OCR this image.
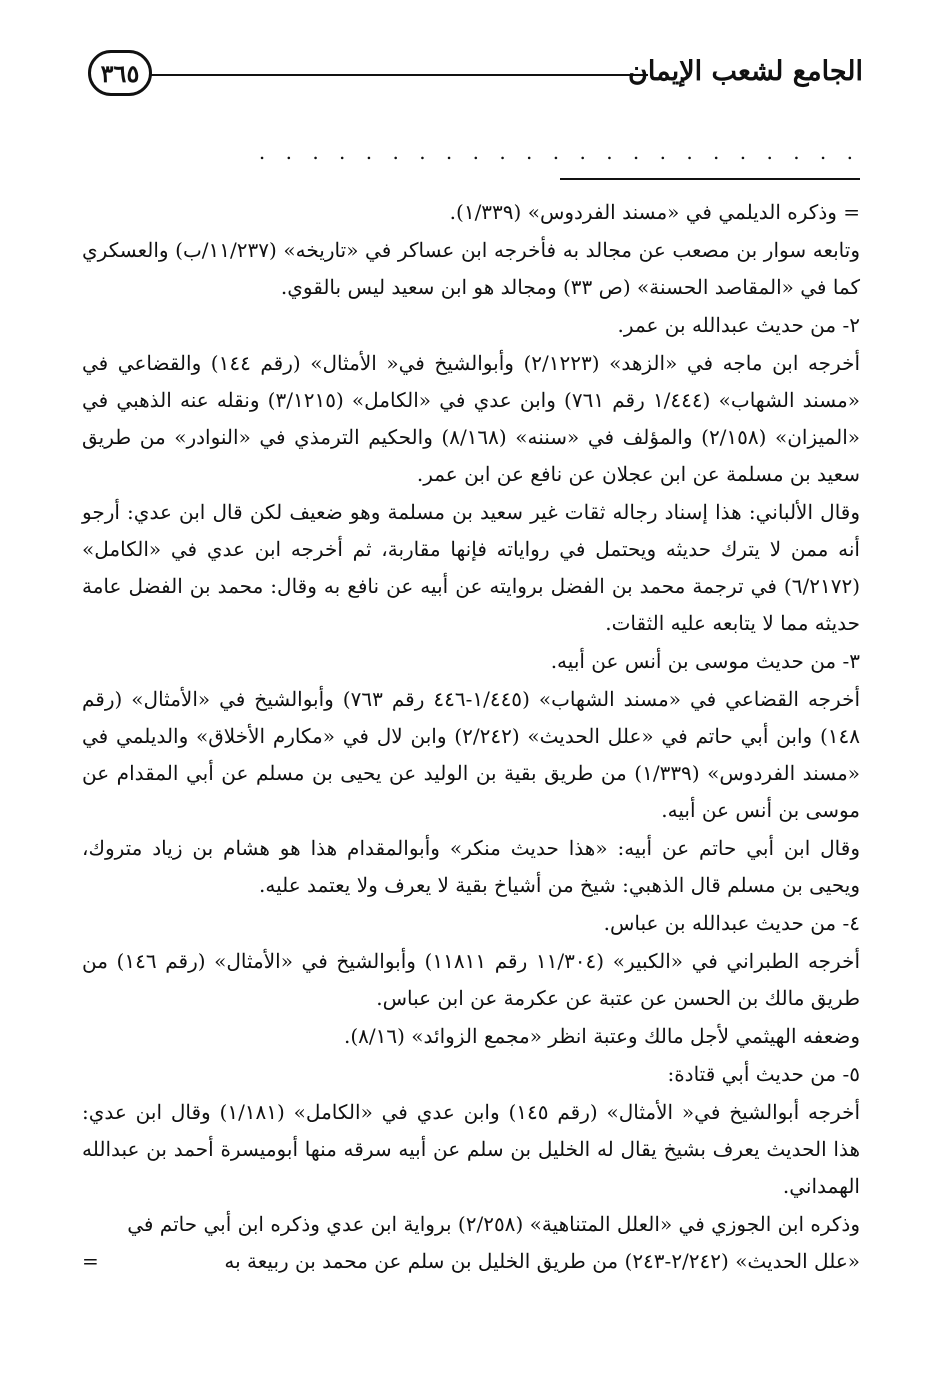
الجامع لشعب الإيمان
٣٦٥
. . . . . . . . . . . . . . . . . . . . . . .

= وذكره الديلمي في «مسند الفردوس» (١/٣٣٩).

وتابعه سوار بن مصعب عن مجالد به فأخرجه ابن عساكر في «تاريخه» (١١/٢٣٧/ب) والعسكري كما في «المقاصد الحسنة» (ص ٣٣) ومجالد هو ابن سعيد ليس بالقوي.

٢- من حديث عبدالله بن عمر.

أخرجه ابن ماجه في «الزهد» (٢/١٢٢٣) وأبوالشيخ في« الأمثال» (رقم ١٤٤) والقضاعي في «مسند الشهاب» (١/٤٤٤ رقم ٧٦١) وابن عدي في «الكامل» (٣/١٢١٥) ونقله عنه الذهبي في «الميزان» (٢/١٥٨) والمؤلف في «سننه» (٨/١٦٨) والحكيم الترمذي في «النوادر» من طريق سعيد بن مسلمة عن ابن عجلان عن نافع عن ابن عمر.

وقال الألباني: هذا إسناد رجاله ثقات غير سعيد بن مسلمة وهو ضعيف لكن قال ابن عدي: أرجو أنه ممن لا يترك حديثه ويحتمل في رواياته فإنها مقاربة، ثم أخرجه ابن عدي في «الكامل» (٦/٢١٧٢) في ترجمة محمد بن الفضل بروايته عن أبيه عن نافع به وقال: محمد بن الفضل عامة حديثه مما لا يتابعه عليه الثقات.

٣- من حديث موسى بن أنس عن أبيه.

أخرجه القضاعي في «مسند الشهاب» (١/٤٤٥-٤٤٦ رقم ٧٦٣) وأبوالشيخ في «الأمثال» (رقم ١٤٨) وابن أبي حاتم في «علل الحديث» (٢/٢٤٢) وابن لال في «مكارم الأخلاق» والديلمي في «مسند الفردوس» (١/٣٣٩) من طريق بقية بن الوليد عن يحيى بن مسلم عن أبي المقدام عن موسى بن أنس عن أبيه.

وقال ابن أبي حاتم عن أبيه: «هذا حديث منكر» وأبوالمقدام هذا هو هشام بن زياد متروك، ويحيى بن مسلم قال الذهبي: شيخ من أشياخ بقية لا يعرف ولا يعتمد عليه.

٤- من حديث عبدالله بن عباس.

أخرجه الطبراني في «الكبير» (١١/٣٠٤ رقم ١١٨١١) وأبوالشيخ في «الأمثال» (رقم ١٤٦) من طريق مالك بن الحسن عن عتبة عن عكرمة عن ابن عباس.

وضعفه الهيثمي لأجل مالك وعتبة انظر «مجمع الزوائد» (٨/١٦).

٥- من حديث أبي قتادة:

أخرجه أبوالشيخ في« الأمثال» (رقم ١٤٥) وابن عدي في «الكامل» (١/١٨١) وقال ابن عدي: هذا الحديث يعرف بشيخ يقال له الخليل بن سلم عن أبيه سرقه منها أبوميسرة أحمد بن عبدالله الهمداني.

وذكره ابن الجوزي في «العلل المتناهية» (٢/٢٥٨) برواية ابن عدي وذكره ابن أبي حاتم في

«علل الحديث» (٢/٢٤٢-٢٤٣) من طريق الخليل بن سلم عن محمد بن ربيعة به
=
